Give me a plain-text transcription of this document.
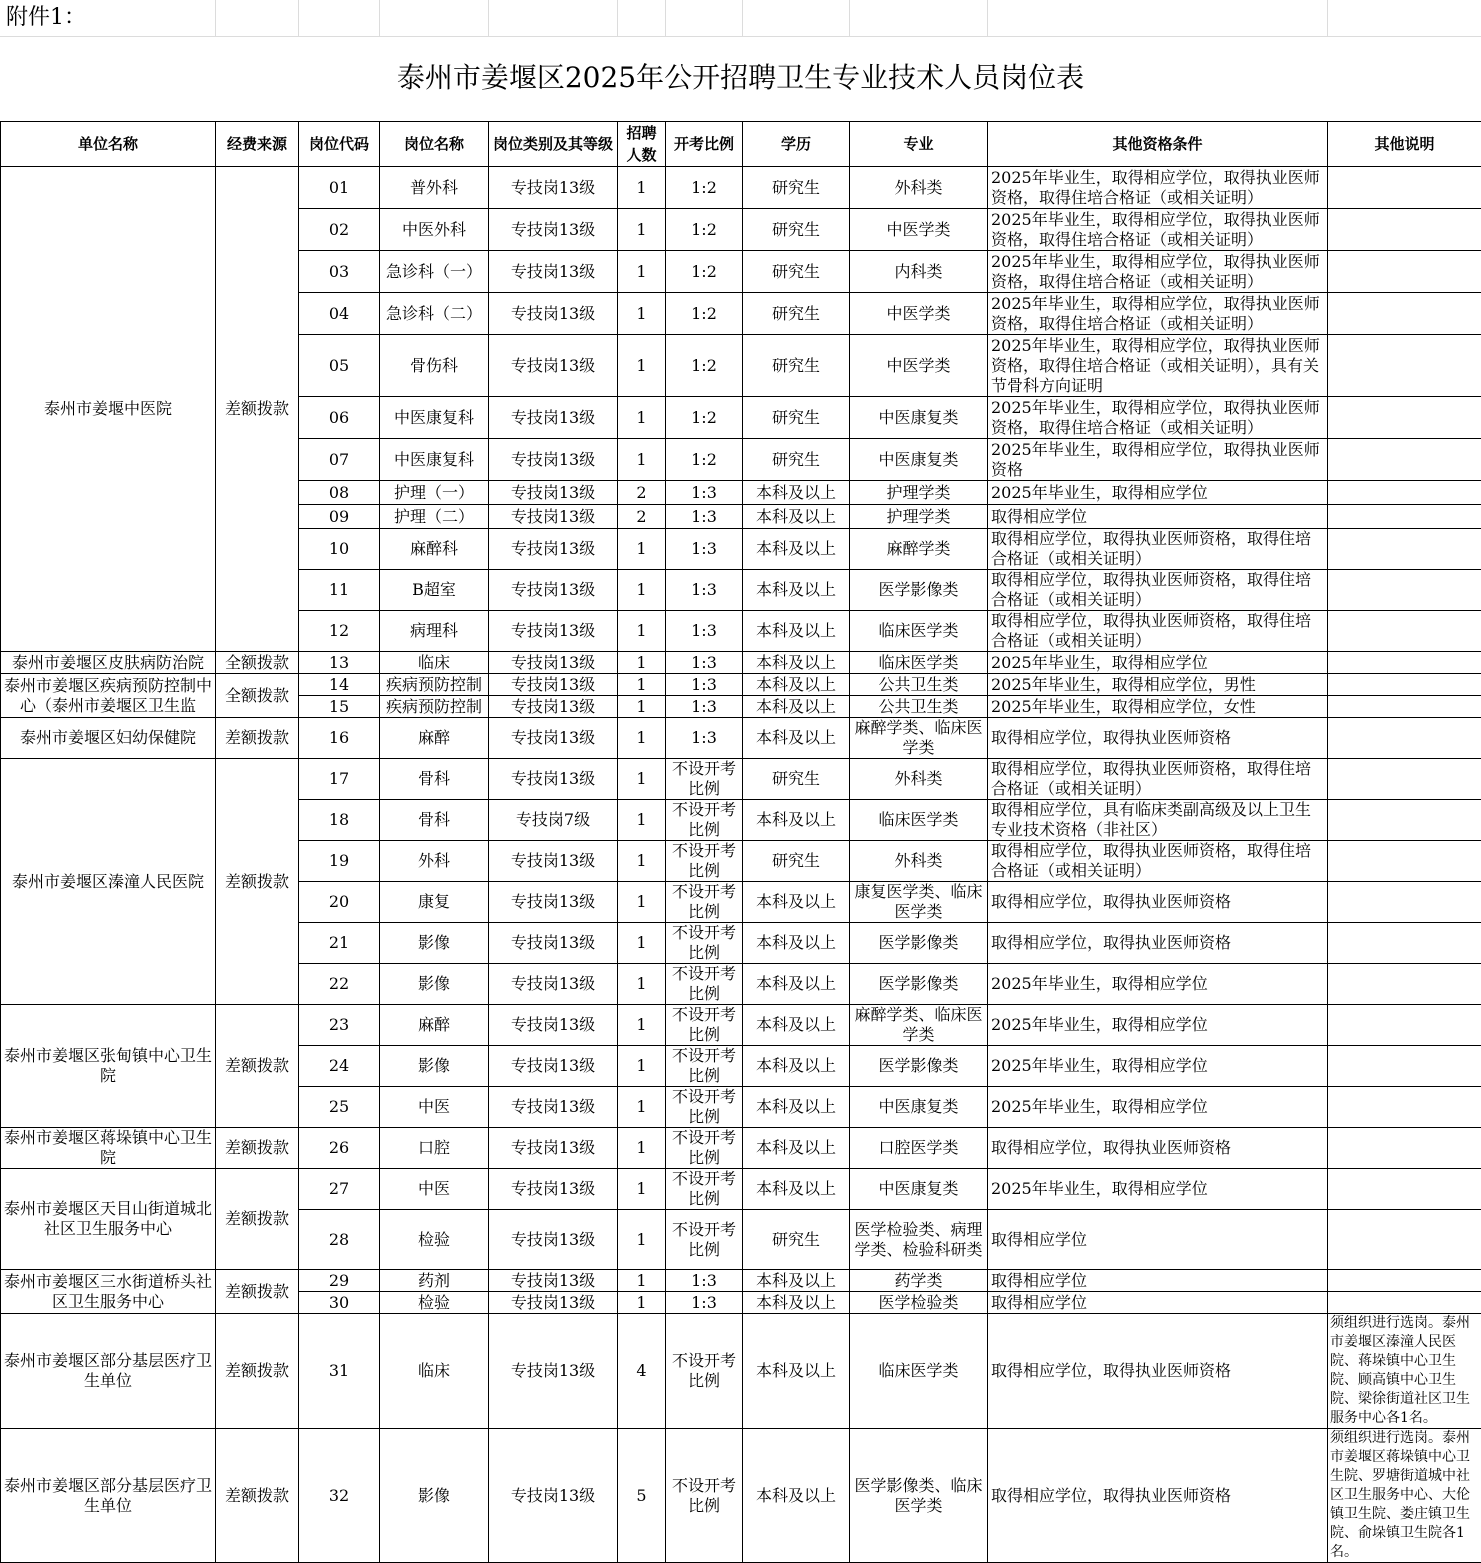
附件1：
泰州市姜堰区2025年公开招聘卫生专业技术人员岗位表
单位名称	经费来源	岗位代码	岗位名称	岗位类别及其等级	招聘人数	开考比例	学历	专业	其他资格条件	其他说明
泰州市姜堰中医院	差额拨款	01	普外科	专技岗13级	1	1:2	研究生	外科类	2025年毕业生，取得相应学位，取得执业医师资格，取得住培合格证（或相关证明）	
		02	中医外科	专技岗13级	1	1:2	研究生	中医学类	2025年毕业生，取得相应学位，取得执业医师资格，取得住培合格证（或相关证明）	
		03	急诊科（一）	专技岗13级	1	1:2	研究生	内科类	2025年毕业生，取得相应学位，取得执业医师资格，取得住培合格证（或相关证明）	
		04	急诊科（二）	专技岗13级	1	1:2	研究生	中医学类	2025年毕业生，取得相应学位，取得执业医师资格，取得住培合格证（或相关证明）	
		05	骨伤科	专技岗13级	1	1:2	研究生	中医学类	2025年毕业生，取得相应学位，取得执业医师资格，取得住培合格证（或相关证明），具有关节骨科方向证明	
		06	中医康复科	专技岗13级	1	1:2	研究生	中医康复类	2025年毕业生，取得相应学位，取得执业医师资格，取得住培合格证（或相关证明）	
		07	中医康复科	专技岗13级	1	1:2	研究生	中医康复类	2025年毕业生，取得相应学位，取得执业医师资格	
		08	护理（一）	专技岗13级	2	1:3	本科及以上	护理学类	2025年毕业生，取得相应学位	
		09	护理（二）	专技岗13级	2	1:3	本科及以上	护理学类	取得相应学位	
		10	麻醉科	专技岗13级	1	1:3	本科及以上	麻醉学类	取得相应学位，取得执业医师资格，取得住培合格证（或相关证明）	
		11	B超室	专技岗13级	1	1:3	本科及以上	医学影像类	取得相应学位，取得执业医师资格，取得住培合格证（或相关证明）	
		12	病理科	专技岗13级	1	1:3	本科及以上	临床医学类	取得相应学位，取得执业医师资格，取得住培合格证（或相关证明）	
泰州市姜堰区皮肤病防治院	全额拨款	13	临床	专技岗13级	1	1:3	本科及以上	临床医学类	2025年毕业生，取得相应学位	
泰州市姜堰区疾病预防控制中心（泰州市姜堰区卫生监	全额拨款	14	疾病预防控制	专技岗13级	1	1:3	本科及以上	公共卫生类	2025年毕业生，取得相应学位，男性	
		15	疾病预防控制	专技岗13级	1	1:3	本科及以上	公共卫生类	2025年毕业生，取得相应学位，女性	
泰州市姜堰区妇幼保健院	差额拨款	16	麻醉	专技岗13级	1	1:3	本科及以上	麻醉学类、临床医学类	取得相应学位，取得执业医师资格	
泰州市姜堰区溱潼人民医院	差额拨款	17	骨科	专技岗13级	1	不设开考比例	研究生	外科类	取得相应学位，取得执业医师资格，取得住培合格证（或相关证明）	
		18	骨科	专技岗7级	1	不设开考比例	本科及以上	临床医学类	取得相应学位，具有临床类副高级及以上卫生专业技术资格（非社区）	
		19	外科	专技岗13级	1	不设开考比例	研究生	外科类	取得相应学位，取得执业医师资格，取得住培合格证（或相关证明）	
		20	康复	专技岗13级	1	不设开考比例	本科及以上	康复医学类、临床医学类	取得相应学位，取得执业医师资格	
		21	影像	专技岗13级	1	不设开考比例	本科及以上	医学影像类	取得相应学位，取得执业医师资格	
		22	影像	专技岗13级	1	不设开考比例	本科及以上	医学影像类	2025年毕业生，取得相应学位	
泰州市姜堰区张甸镇中心卫生院	差额拨款	23	麻醉	专技岗13级	1	不设开考比例	本科及以上	麻醉学类、临床医学类	2025年毕业生，取得相应学位	
		24	影像	专技岗13级	1	不设开考比例	本科及以上	医学影像类	2025年毕业生，取得相应学位	
		25	中医	专技岗13级	1	不设开考比例	本科及以上	中医康复类	2025年毕业生，取得相应学位	
泰州市姜堰区蒋垛镇中心卫生院	差额拨款	26	口腔	专技岗13级	1	不设开考比例	本科及以上	口腔医学类	取得相应学位，取得执业医师资格	
泰州市姜堰区天目山街道城北社区卫生服务中心	差额拨款	27	中医	专技岗13级	1	不设开考比例	本科及以上	中医康复类	2025年毕业生，取得相应学位	
		28	检验	专技岗13级	1	不设开考比例	研究生	医学检验类、病理学类、检验科研类	取得相应学位	
泰州市姜堰区三水街道桥头社区卫生服务中心	差额拨款	29	药剂	专技岗13级	1	1:3	本科及以上	药学类	取得相应学位	
		30	检验	专技岗13级	1	1:3	本科及以上	医学检验类	取得相应学位	
泰州市姜堰区部分基层医疗卫生单位	差额拨款	31	临床	专技岗13级	4	不设开考比例	本科及以上	临床医学类	取得相应学位，取得执业医师资格	须组织进行选岗。泰州市姜堰区溱潼人民医院、蒋垛镇中心卫生院、顾高镇中心卫生院、梁徐街道社区卫生服务中心各1名。
泰州市姜堰区部分基层医疗卫生单位	差额拨款	32	影像	专技岗13级	5	不设开考比例	本科及以上	医学影像类、临床医学类	取得相应学位，取得执业医师资格	须组织进行选岗。泰州市姜堰区蒋垛镇中心卫生院、罗塘街道城中社区卫生服务中心、大伦镇卫生院、娄庄镇卫生院、俞垛镇卫生院各1名。
